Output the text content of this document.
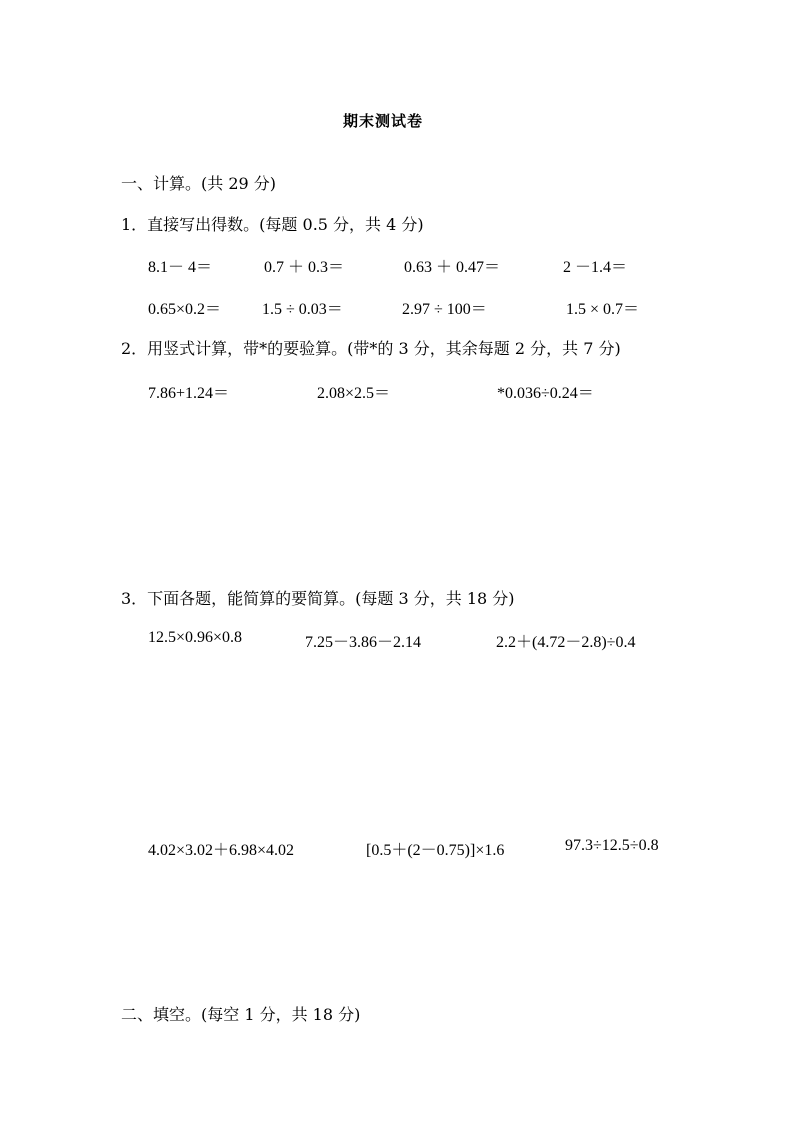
期末测试卷
一、计算。(共 29 分)
1．直接写出得数。(每题 0.5 分，共 4 分)
8.1－ 4＝	0.7 ＋ 0.3＝	0.63 ＋ 0.47＝	2 －1.4＝
0.65×0.2＝	1.5 ÷ 0.03＝	2.97 ÷ 100＝	1.5 × 0.7＝
2．用竖式计算，带*的要验算。(带*的 3 分，其余每题 2 分，共 7 分)
7.86+1.24＝	2.08×2.5＝	*0.036÷0.24＝
3．下面各题，能简算的要简算。(每题 3 分，共 18 分)
12.5×0.96×0.8	7.25－3.86－2.14	2.2＋(4.72－2.8)÷0.4
4.02×3.02＋6.98×4.02	[0.5＋(2－0.75)]×1.6	97.3÷12.5÷0.8
二、填空。(每空 1 分，共 18 分)
